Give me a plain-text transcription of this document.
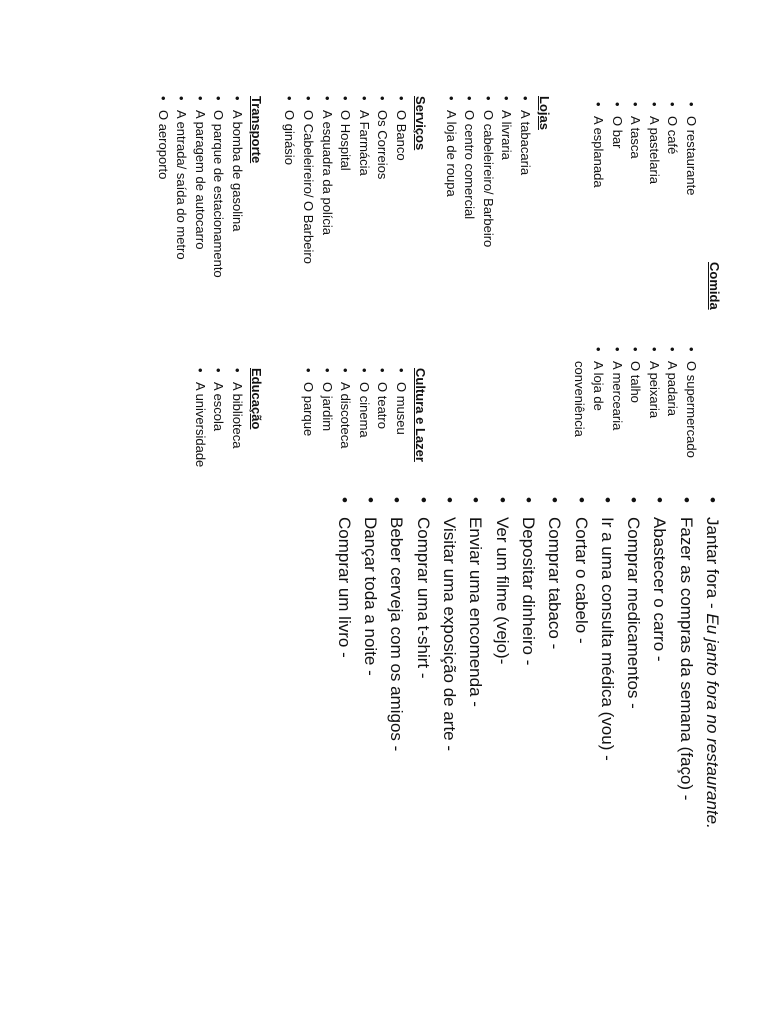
Comida
• O restaurante
• O café
• A pastelaria
• A tasca
• O bar
• A esplanada
• O supermercado
• A padaria
• A peixaria
• O talho
• A mercearia
• A loja de
conveniência
Lojas
• A tabacaria
• A livraria
• O cabeleireiro/ Barbeiro
• O centro comercial
• A loja de roupa
Serviços
• O Banco
• Os Correios
• A Farmácia
• O Hospital
• A esquadra da polícia
• O Cabeleireiro/ O Barbeiro
• O ginásio
Transporte
• A bomba de gasolina
• O parque de estacionamento
• A paragem de autocarro
• A entrada/ saída do metro
• O aeroporto
Cultura e Lazer
• O museu
• O teatro
• O cinema
• A discoteca
• O jardim
• O parque
Educação
• A biblioteca
• A escola
• A universidade
• Jantar fora - Eu janto fora no restaurante.
• Fazer as compras da semana (faço) -
• Abastecer o carro -
• Comprar medicamentos -
• Ir a uma consulta médica (vou) -
• Cortar o cabelo -
• Comprar tabaco -
• Depositar dinheiro -
• Ver um filme (vejo)-
• Enviar uma encomenda -
• Visitar uma exposição de arte -
• Comprar uma t-shirt -
• Beber cerveja com os amigos -
• Dançar toda a noite -
• Comprar um livro -
